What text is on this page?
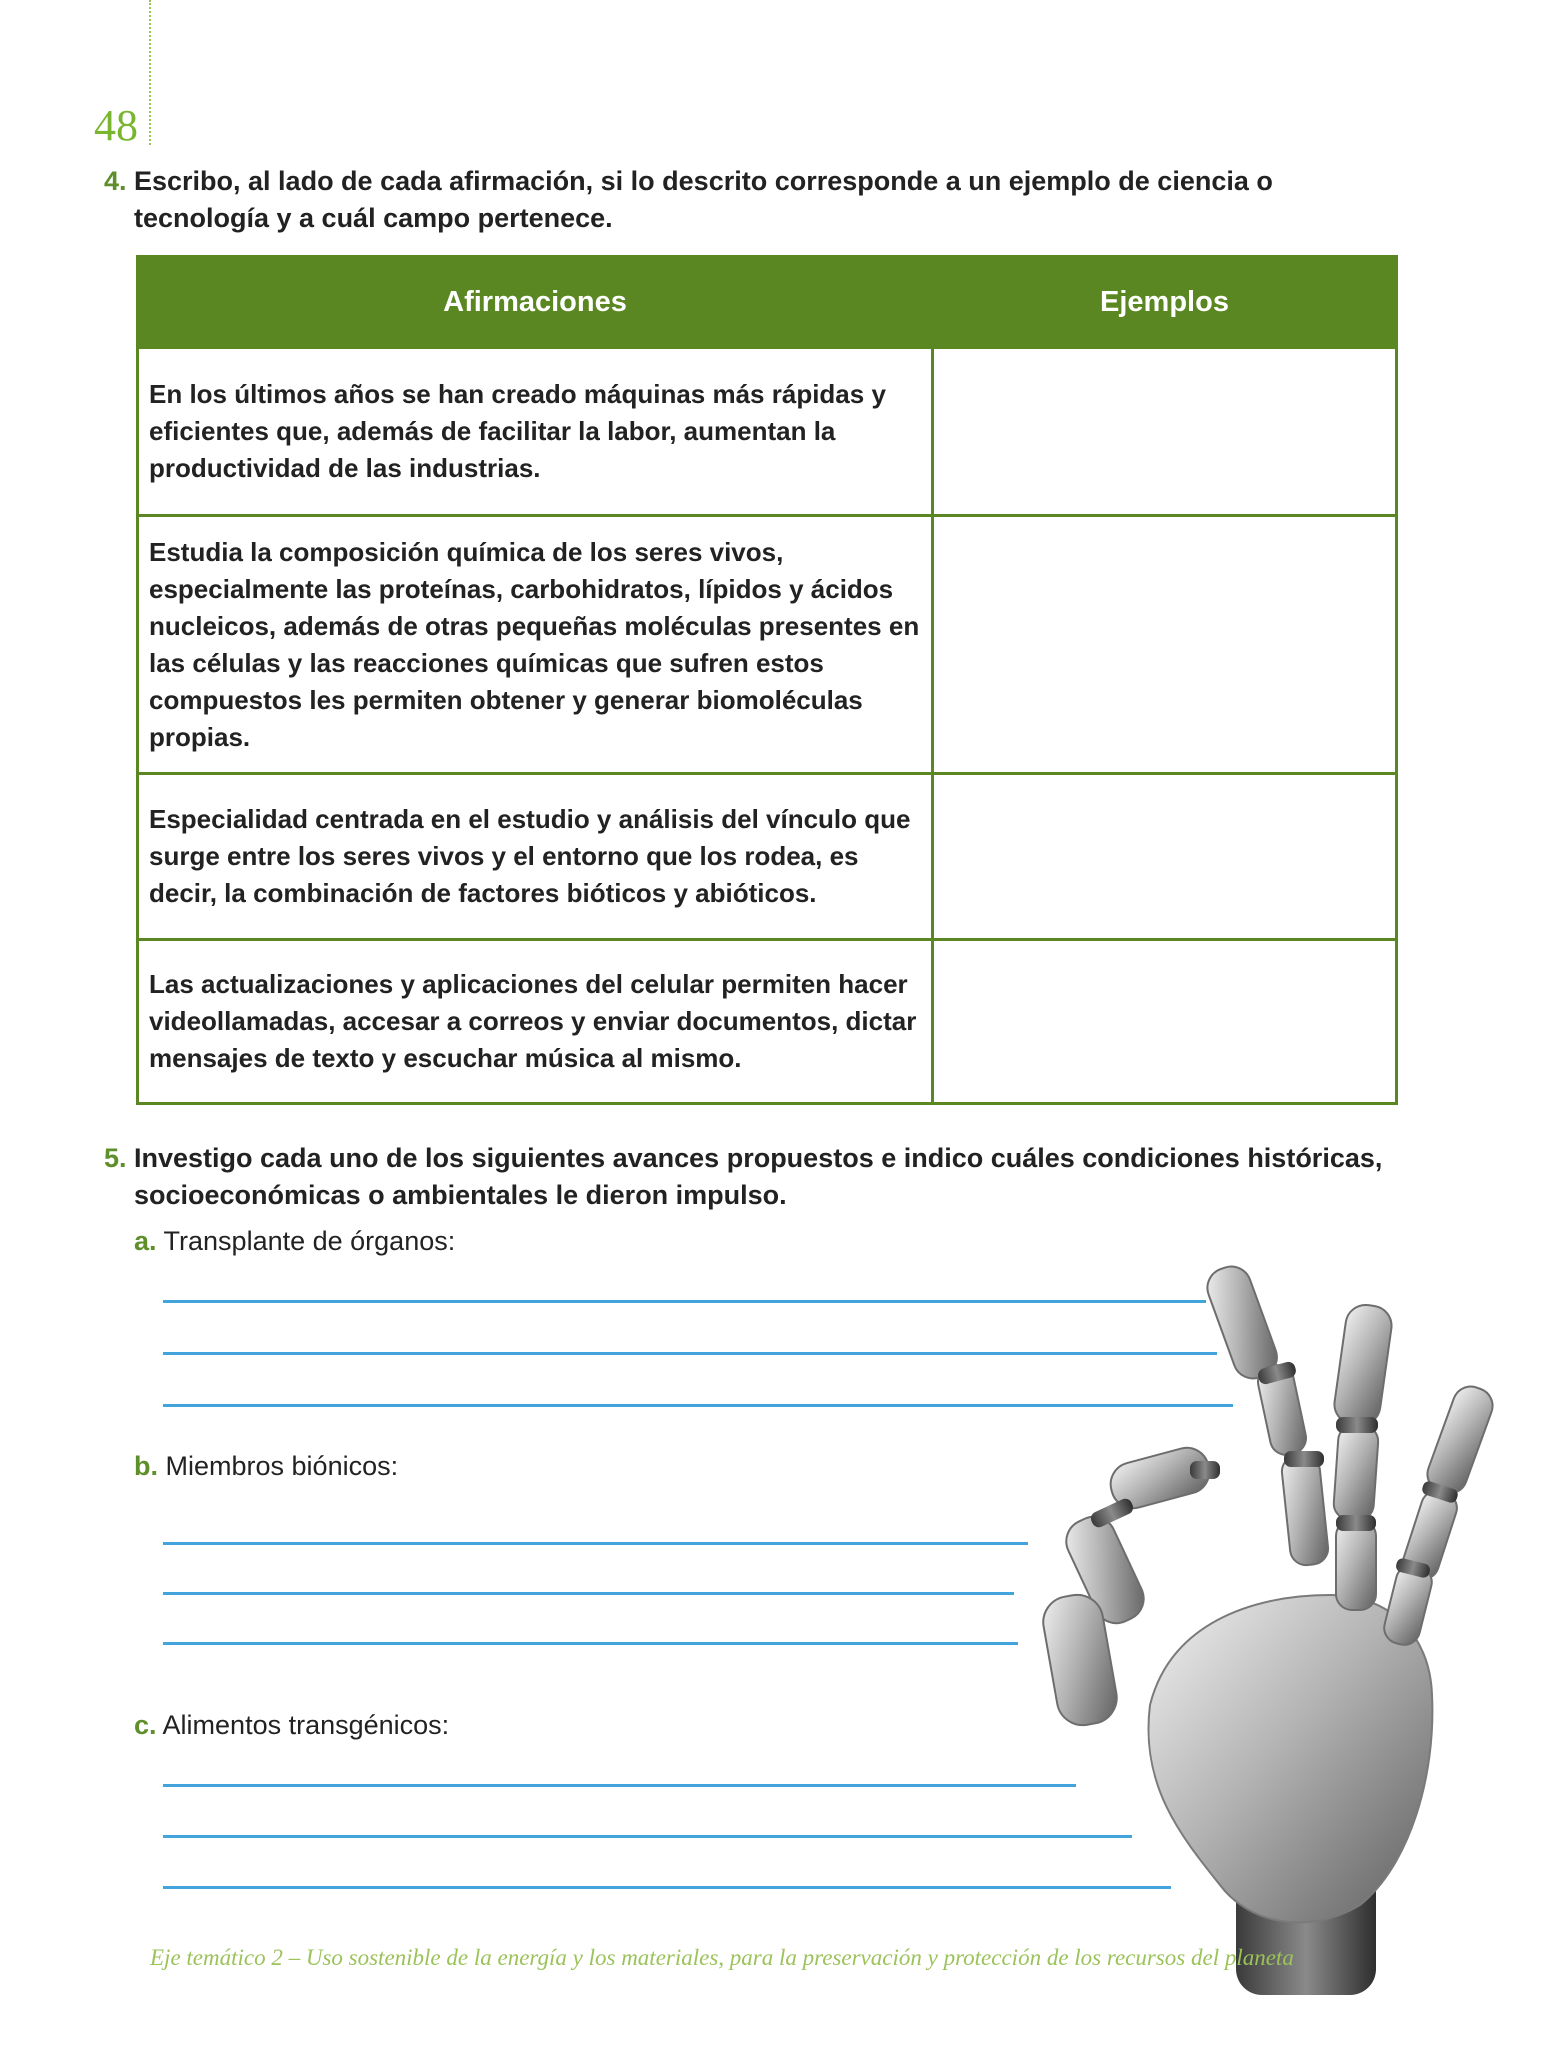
48
4. Escribo, al lado de cada afirmación, si lo descrito corresponde a un ejemplo de ciencia o tecnología y a cuál campo pertenece.
Afirmaciones	Ejemplos
En los últimos años se han creado máquinas más rápidas y eficientes que, además de facilitar la labor, aumentan la productividad de las industrias.	
Estudia la composición química de los seres vivos, especialmente las proteínas, carbohidratos, lípidos y ácidos nucleicos, además de otras pequeñas moléculas presentes en las células y las reacciones químicas que sufren estos compuestos les permiten obtener y generar biomoléculas propias.	
Especialidad centrada en el estudio y análisis del vínculo que surge entre los seres vivos y el entorno que los rodea, es decir, la combinación de factores bióticos y abióticos.	
Las actualizaciones y aplicaciones del celular permiten hacer videollamadas, accesar a correos y enviar documentos, dictar mensajes de texto y escuchar música al mismo.	
5. Investigo cada uno de los siguientes avances propuestos e indico cuáles condiciones históricas, socioeconómicas o ambientales le dieron impulso.
a. Transplante de órganos:
b. Miembros biónicos:
c. Alimentos transgénicos:
Eje temático 2 – Uso sostenible de la energía y los materiales, para la preservación y protección de los recursos del planeta
